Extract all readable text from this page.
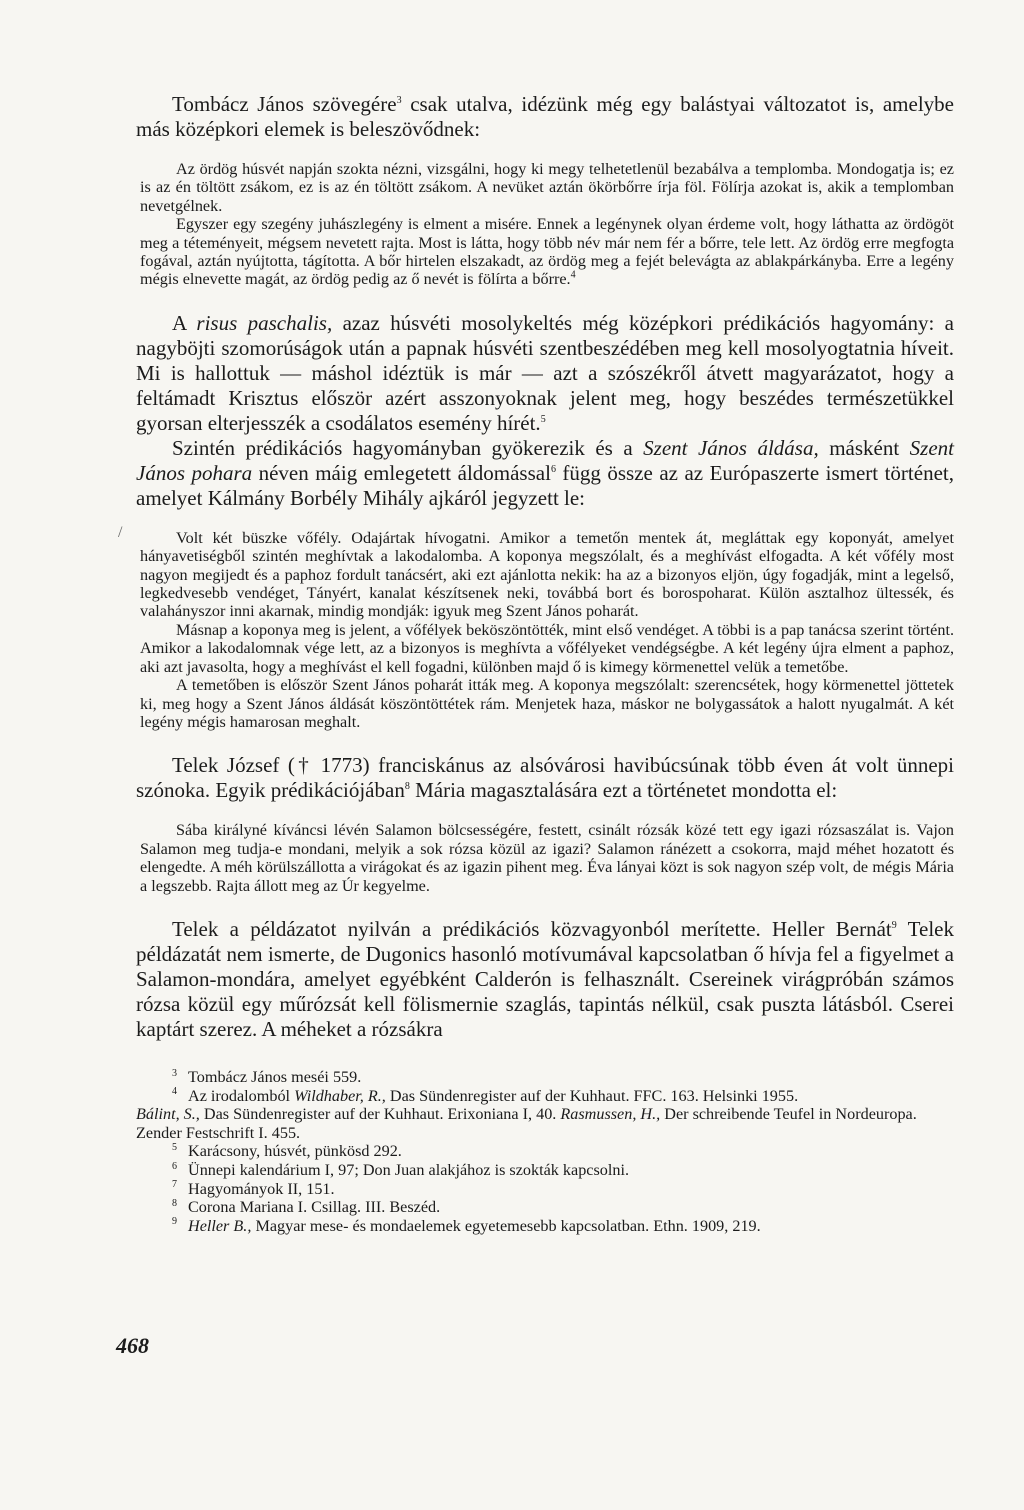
Tombácz János szövegére$^3$ csak utalva, idézünk még egy balástyai változatot is, amelybe más középkori elemek is beleszövődnek:

Az ördög húsvét napján szokta nézni, vizsgálni, hogy ki megy telhetetlenül bezabálva a templomba. Mondogatja is; ez is az én töltött zsákom, ez is az én töltött zsákom. A nevüket aztán ökörbőrre írja föl. Fölírja azokat is, akik a templomban nevetgélnek.

Egyszer egy szegény juhászlegény is elment a misére. Ennek a legénynek olyan érdeme volt, hogy láthatta az ördögöt meg a téteményeit, mégsem nevetett rajta. Most is látta, hogy több név már nem fér a bőrre, tele lett. Az ördög erre megfogta fogával, aztán nyújtotta, tágította. A bőr hirtelen elszakadt, az ördög meg a fejét belevágta az ablakpárkányba. Erre a legény mégis elnevette magát, az ördög pedig az ő nevét is fölírta a bőrre.$^4$

A risus paschalis, azaz húsvéti mosolykeltés még középkori prédikációs hagyomány: a nagyböjti szomorúságok után a papnak húsvéti szentbeszédében meg kell mosolyogtatnia híveit. Mi is hallottuk — máshol idéztük is már — azt a szószékről átvett magyarázatot, hogy a feltámadt Krisztus először azért asszonyoknak jelent meg, hogy beszédes természetükkel gyorsan elterjesszék a csodálatos esemény hírét.$^5$

Szintén prédikációs hagyományban gyökerezik és a Szent János áldása, másként Szent János pohara néven máig emlegetett áldomással$^6$ függ össze az az Európaszerte ismert történet, amelyet Kálmány Borbély Mihály ajkáról jegyzett le:

Volt két büszke vőfély. Odajártak hívogatni. Amikor a temetőn mentek át, megláttak egy koponyát, amelyet hányavetiségből szintén meghívtak a lakodalomba. A koponya megszólalt, és a meghívást elfogadta. A két vőfély most nagyon megijedt és a paphoz fordult tanácsért, aki ezt ajánlotta nekik: ha az a bizonyos eljön, úgy fogadják, mint a legelső, legkedvesebb vendéget, Tányért, kanalat készítsenek neki, továbbá bort és borospoharat. Külön asztalhoz ültessék, és valahányszor inni akarnak, mindig mondják: igyuk meg Szent János poharát.

Másnap a koponya meg is jelent, a vőfélyek beköszöntötték, mint első vendéget. A többi is a pap tanácsa szerint történt. Amikor a lakodalomnak vége lett, az a bizonyos is meghívta a vőfélyeket vendégségbe. A két legény újra elment a paphoz, aki azt javasolta, hogy a meghívást el kell fogadni, különben majd ő is kimegy körmenettel velük a temetőbe.

A temetőben is először Szent János poharát itták meg. A koponya megszólalt: szerencsétek, hogy körmenettel jöttetek ki, meg hogy a Szent János áldását köszöntöttétek rám. Menjetek haza, máskor ne bolygassátok a halott nyugalmát. A két legény mégis hamarosan meghalt.

Telek József († 1773) franciskánus az alsóvárosi havibúcsúnak több éven át volt ünnepi szónoka. Egyik prédikációjában$^8$ Mária magasztalására ezt a történetet mondotta el:

Sába királyné kíváncsi lévén Salamon bölcsességére, festett, csinált rózsák közé tett egy igazi rózsaszálat is. Vajon Salamon meg tudja-e mondani, melyik a sok rózsa közül az igazi? Salamon ránézett a csokorra, majd méhet hozatott és elengedte. A méh körülszállotta a virágokat és az igazin pihent meg. Éva lányai közt is sok nagyon szép volt, de mégis Mária a legszebb. Rajta állott meg az Úr kegyelme.

Telek a példázatot nyilván a prédikációs közvagyonból merítette. Heller Bernát$^9$ Telek példázatát nem ismerte, de Dugonics hasonló motívumával kapcsolatban ő hívja fel a figyelmet a Salamon-mondára, amelyet egyébként Calderón is felhasznált. Csereinek virágpróbán számos rózsa közül egy műrózsát kell fölismernie szaglás, tapintás nélkül, csak puszta látásból. Cserei kaptárt szerez. A méheket a rózsákra

3 Tombácz János meséi 559.

4 Az irodalomból Wildhaber, R., Das Sündenregister auf der Kuhhaut. FFC. 163. Helsinki 1955.

Bálint, S., Das Sündenregister auf der Kuhhaut. Erixoniana I, 40. Rasmussen, H., Der schreibende Teufel in Nordeuropa. Zender Festschrift I. 455.

5 Karácsony, húsvét, pünkösd 292.

6 Ünnepi kalendárium I, 97; Don Juan alakjához is szokták kapcsolni.

7 Hagyományok II, 151.

8 Corona Mariana I. Csillag. III. Beszéd.

9 Heller B., Magyar mese- és mondaelemek egyetemesebb kapcsolatban. Ethn. 1909, 219.

/
468
